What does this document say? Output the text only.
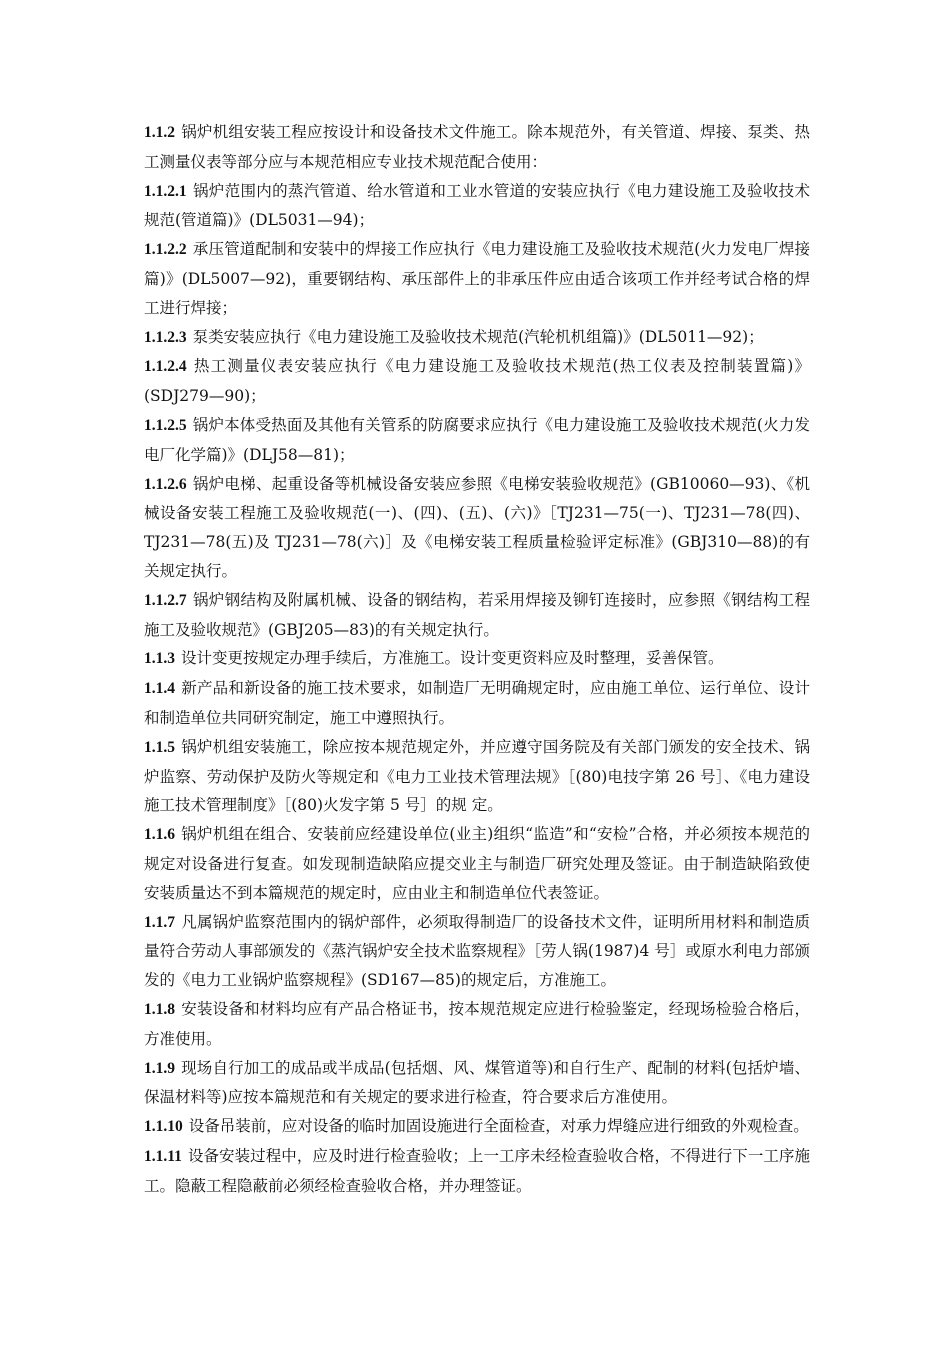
1.1.2 锅炉机组安装工程应按设计和设备技术文件施工。除本规范外，有关管道、焊接、泵类、热工测量仪表等部分应与本规范相应专业技术规范配合使用：

1.1.2.1 锅炉范围内的蒸汽管道、给水管道和工业水管道的安装应执行《电力建设施工及验收技术规范(管道篇)》(DL5031—94)；

1.1.2.2 承压管道配制和安装中的焊接工作应执行《电力建设施工及验收技术规范(火力发电厂焊接篇)》(DL5007—92)，重要钢结构、承压部件上的非承压件应由适合该项工作并经考试合格的焊工进行焊接；

1.1.2.3 泵类安装应执行《电力建设施工及验收技术规范(汽轮机机组篇)》(DL5011—92)；

1.1.2.4 热工测量仪表安装应执行《电力建设施工及验收技术规范(热工仪表及控制装置篇)》(SDJ279—90)；

1.1.2.5 锅炉本体受热面及其他有关管系的防腐要求应执行《电力建设施工及验收技术规范(火力发电厂化学篇)》(DLJ58—81)；

1.1.2.6 锅炉电梯、起重设备等机械设备安装应参照《电梯安装验收规范》(GB10060—93)、《机械设备安装工程施工及验收规范(一)、(四)、(五)、(六)》［TJ231—75(一)、TJ231—78(四)、TJ231—78(五)及 TJ231—78(六)］及《电梯安装工程质量检验评定标准》(GBJ310—88)的有关规定执行。

1.1.2.7 锅炉钢结构及附属机械、设备的钢结构，若采用焊接及铆钉连接时，应参照《钢结构工程施工及验收规范》(GBJ205—83)的有关规定执行。

1.1.3 设计变更按规定办理手续后，方准施工。设计变更资料应及时整理，妥善保管。

1.1.4 新产品和新设备的施工技术要求，如制造厂无明确规定时，应由施工单位、运行单位、设计和制造单位共同研究制定，施工中遵照执行。

1.1.5 锅炉机组安装施工，除应按本规范规定外，并应遵守国务院及有关部门颁发的安全技术、锅炉监察、劳动保护及防火等规定和《电力工业技术管理法规》［(80)电技字第 26 号］、《电力建设施工技术管理制度》［(80)火发字第 5 号］的规 定。

1.1.6 锅炉机组在组合、安装前应经建设单位(业主)组织“监造”和“安检”合格，并必须按本规范的规定对设备进行复查。如发现制造缺陷应提交业主与制造厂研究处理及签证。由于制造缺陷致使安装质量达不到本篇规范的规定时，应由业主和制造单位代表签证。

1.1.7 凡属锅炉监察范围内的锅炉部件，必须取得制造厂的设备技术文件，证明所用材料和制造质量符合劳动人事部颁发的《蒸汽锅炉安全技术监察规程》［劳人锅(1987)4 号］或原水利电力部颁发的《电力工业锅炉监察规程》(SD167—85)的规定后，方准施工。

1.1.8 安装设备和材料均应有产品合格证书，按本规范规定应进行检验鉴定，经现场检验合格后，方准使用。

1.1.9 现场自行加工的成品或半成品(包括烟、风、煤管道等)和自行生产、配制的材料(包括炉墙、保温材料等)应按本篇规范和有关规定的要求进行检查，符合要求后方准使用。

1.1.10 设备吊装前，应对设备的临时加固设施进行全面检查，对承力焊缝应进行细致的外观检查。

1.1.11 设备安装过程中，应及时进行检查验收；上一工序未经检查验收合格，不得进行下一工序施工。隐蔽工程隐蔽前必须经检查验收合格，并办理签证。
